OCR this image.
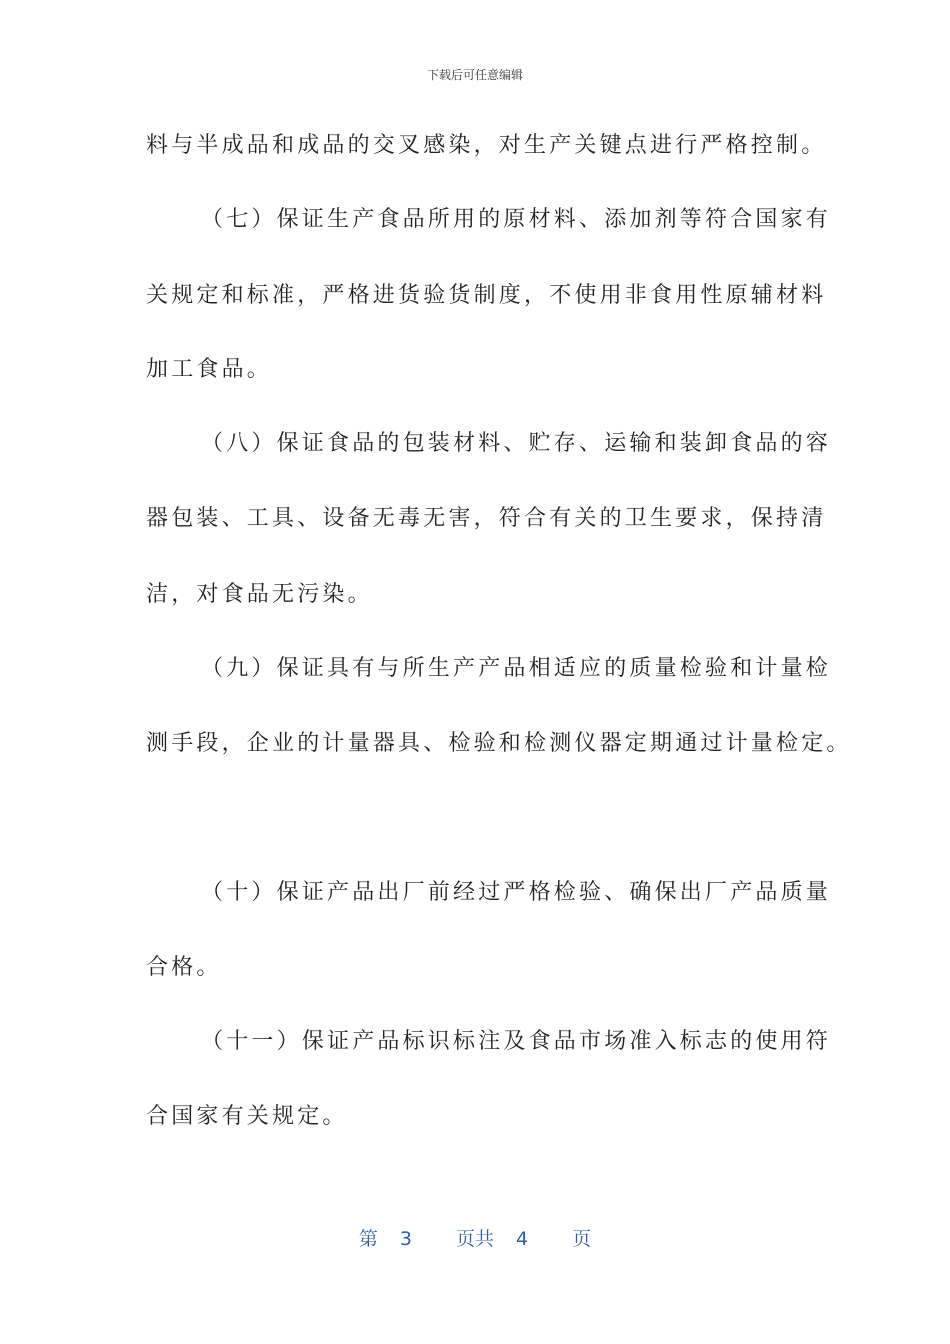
下载后可任意编辑
料与半成品和成品的交叉感染，对生产关键点进行严格控制。
（七）保证生产食品所用的原材料、添加剂等符合国家有
关规定和标准，严格进货验货制度，不使用非食用性原辅材料
加工食品。
（八）保证食品的包装材料、贮存、运输和装卸食品的容
器包装、工具、设备无毒无害，符合有关的卫生要求，保持清
洁，对食品无污染。
（九）保证具有与所生产产品相适应的质量检验和计量检
测手段，企业的计量器具、检验和检测仪器定期通过计量检定。
（十）保证产品出厂前经过严格检验、确保出厂产品质量
合格。
（十一）保证产品标识标注及食品市场准入标志的使用符
合国家有关规定。
第 3 页共 4 页
